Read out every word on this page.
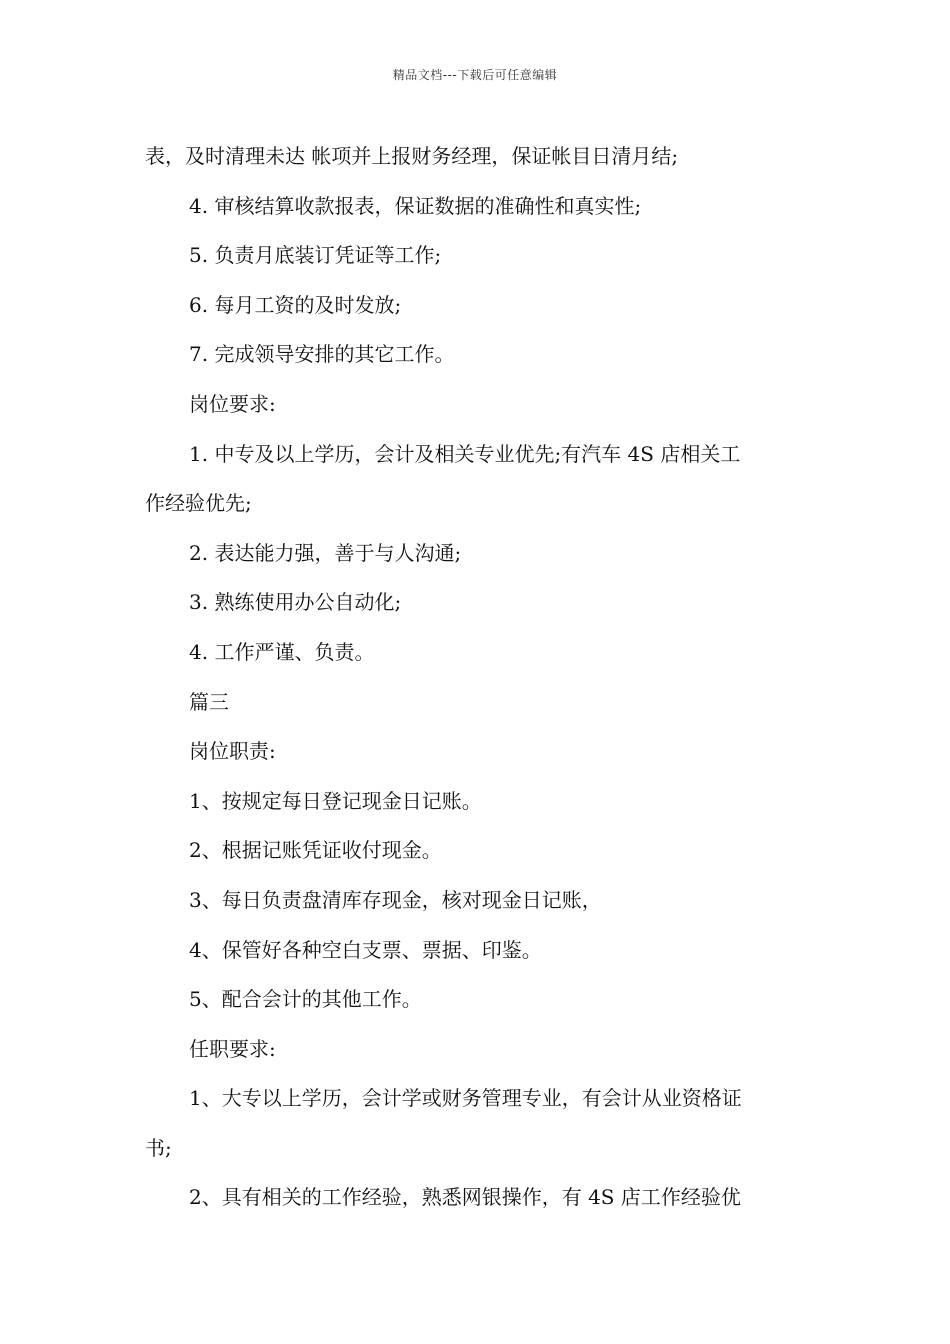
精品文档---下载后可任意编辑

表，及时清理未达 帐项并上报财务经理，保证帐目日清月结;

4. 审核结算收款报表，保证数据的准确性和真实性;

5. 负责月底装订凭证等工作;

6. 每月工资的及时发放;

7. 完成领导安排的其它工作。

岗位要求:

1. 中专及以上学历，会计及相关专业优先;有汽车 4S 店相关工

作经验优先;

2. 表达能力强，善于与人沟通;

3. 熟练使用办公自动化;

4. 工作严谨、负责。

篇三

岗位职责:

1、按规定每日登记现金日记账。

2、根据记账凭证收付现金。

3、每日负责盘清库存现金，核对现金日记账，

4、保管好各种空白支票、票据、印鉴。

5、配合会计的其他工作。

任职要求:

1、大专以上学历，会计学或财务管理专业，有会计从业资格证

书;

2、具有相关的工作经验，熟悉网银操作，有 4S 店工作经验优
